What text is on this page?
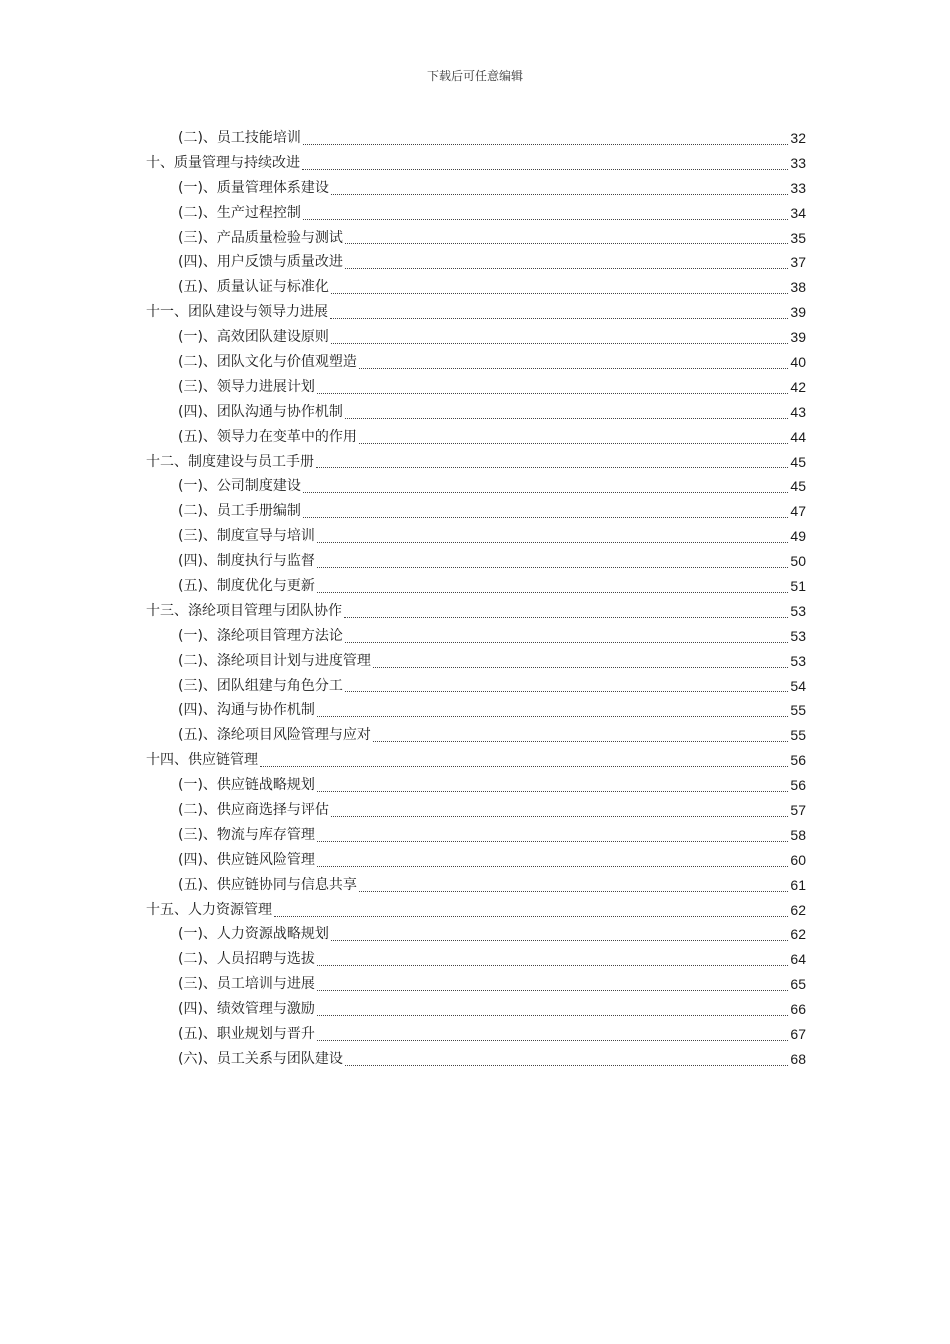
下载后可任意编辑
(二)、员工技能培训	32
十、质量管理与持续改进	33
(一)、质量管理体系建设	33
(二)、生产过程控制	34
(三)、产品质量检验与测试	35
(四)、用户反馈与质量改进	37
(五)、质量认证与标准化	38
十一、团队建设与领导力进展	39
(一)、高效团队建设原则	39
(二)、团队文化与价值观塑造	40
(三)、领导力进展计划	42
(四)、团队沟通与协作机制	43
(五)、领导力在变革中的作用	44
十二、制度建设与员工手册	45
(一)、公司制度建设	45
(二)、员工手册编制	47
(三)、制度宣导与培训	49
(四)、制度执行与监督	50
(五)、制度优化与更新	51
十三、涤纶项目管理与团队协作	53
(一)、涤纶项目管理方法论	53
(二)、涤纶项目计划与进度管理	53
(三)、团队组建与角色分工	54
(四)、沟通与协作机制	55
(五)、涤纶项目风险管理与应对	55
十四、供应链管理	56
(一)、供应链战略规划	56
(二)、供应商选择与评估	57
(三)、物流与库存管理	58
(四)、供应链风险管理	60
(五)、供应链协同与信息共享	61
十五、人力资源管理	62
(一)、人力资源战略规划	62
(二)、人员招聘与选拔	64
(三)、员工培训与进展	65
(四)、绩效管理与激励	66
(五)、职业规划与晋升	67
(六)、员工关系与团队建设	68
